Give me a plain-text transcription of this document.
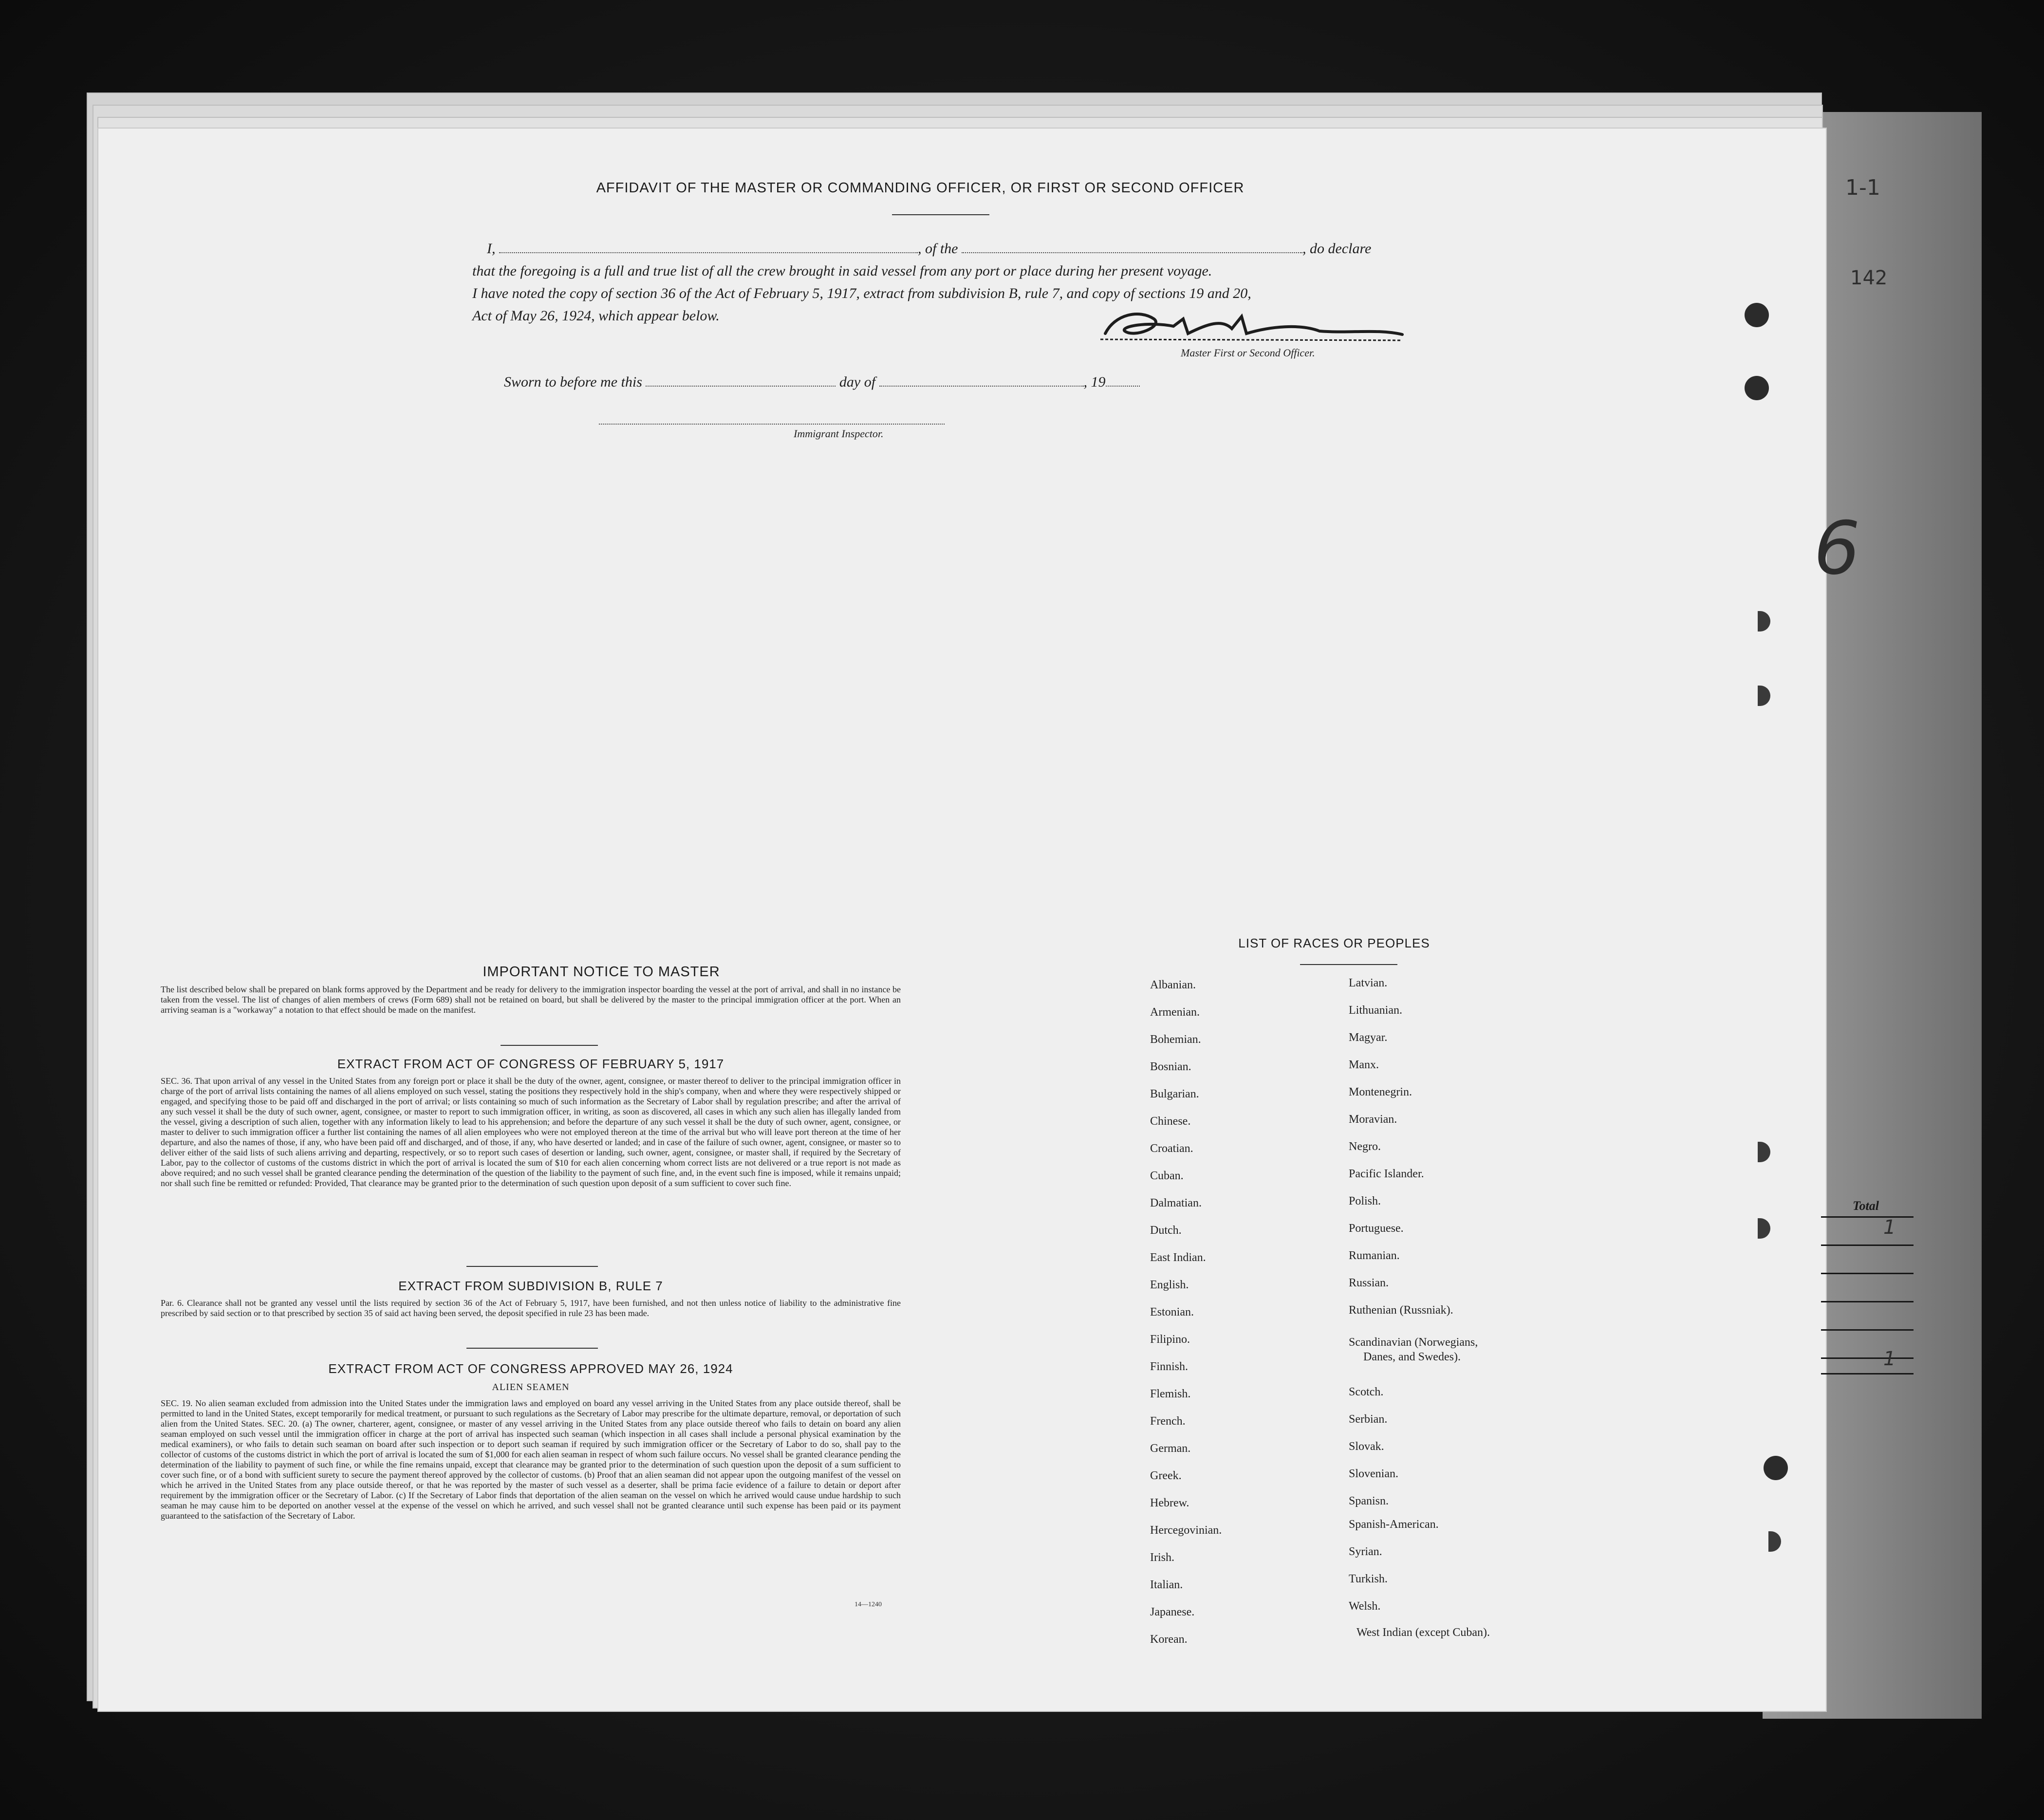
1-1
142
6
AFFIDAVIT OF THE MASTER OR COMMANDING OFFICER, OR FIRST OR SECOND OFFICER
I,	, of the	, do declare
that the foregoing is a full and true list of all the crew brought in said vessel from any port or place during her present voyage.
I have noted the copy of section 36 of the Act of February 5, 1917, extract from subdivision B, rule 7, and copy of sections 19 and 20,
Act of May 26, 1924, which appear below.
Master First or Second Officer.
Sworn to before me this	day of	, 19
Immigrant Inspector.
IMPORTANT NOTICE TO MASTER
The list described below shall be prepared on blank forms approved by the Department and be ready for delivery to the immigration inspector boarding the vessel at the port of arrival, and shall in no instance be taken from the vessel. The list of changes of alien members of crews (Form 689) shall not be retained on board, but shall be delivered by the master to the principal immigration officer at the port. When an arriving seaman is a "workaway" a notation to that effect should be made on the manifest.
EXTRACT FROM ACT OF CONGRESS OF FEBRUARY 5, 1917
SEC. 36. That upon arrival of any vessel in the United States from any foreign port or place it shall be the duty of the owner, agent, consignee, or master thereof to deliver to the principal immigration officer in charge of the port of arrival lists containing the names of all aliens employed on such vessel, stating the positions they respectively hold in the ship's company, when and where they were respectively shipped or engaged, and specifying those to be paid off and discharged in the port of arrival; or lists containing so much of such information as the Secretary of Labor shall by regulation prescribe; and after the arrival of any such vessel it shall be the duty of such owner, agent, consignee, or master to report to such immigration officer, in writing, as soon as discovered, all cases in which any such alien has illegally landed from the vessel, giving a description of such alien, together with any information likely to lead to his apprehension; and before the departure of any such vessel it shall be the duty of such owner, agent, consignee, or master to deliver to such immigration officer a further list containing the names of all alien employees who were not employed thereon at the time of the arrival but who will leave port thereon at the time of her departure, and also the names of those, if any, who have been paid off and discharged, and of those, if any, who have deserted or landed; and in case of the failure of such owner, agent, consignee, or master so to deliver either of the said lists of such aliens arriving and departing, respectively, or so to report such cases of desertion or landing, such owner, agent, consignee, or master shall, if required by the Secretary of Labor, pay to the collector of customs of the customs district in which the port of arrival is located the sum of $10 for each alien concerning whom correct lists are not delivered or a true report is not made as above required; and no such vessel shall be granted clearance pending the determination of the question of the liability to the payment of such fine, and, in the event such fine is imposed, while it remains unpaid; nor shall such fine be remitted or refunded: Provided, That clearance may be granted prior to the determination of such question upon deposit of a sum sufficient to cover such fine.
EXTRACT FROM SUBDIVISION B, RULE 7
Par. 6. Clearance shall not be granted any vessel until the lists required by section 36 of the Act of February 5, 1917, have been furnished, and not then unless notice of liability to the administrative fine prescribed by said section or to that prescribed by section 35 of said act having been served, the deposit specified in rule 23 has been made.
EXTRACT FROM ACT OF CONGRESS APPROVED MAY 26, 1924
ALIEN SEAMEN
SEC. 19. No alien seaman excluded from admission into the United States under the immigration laws and employed on board any vessel arriving in the United States from any place outside thereof, shall be permitted to land in the United States, except temporarily for medical treatment, or pursuant to such regulations as the Secretary of Labor may prescribe for the ultimate departure, removal, or deportation of such alien from the United States. SEC. 20. (a) The owner, charterer, agent, consignee, or master of any vessel arriving in the United States from any place outside thereof who fails to detain on board any alien seaman employed on such vessel until the immigration officer in charge at the port of arrival has inspected such seaman (which inspection in all cases shall include a personal physical examination by the medical examiners), or who fails to detain such seaman on board after such inspection or to deport such seaman if required by such immigration officer or the Secretary of Labor to do so, shall pay to the collector of customs of the customs district in which the port of arrival is located the sum of $1,000 for each alien seaman in respect of whom such failure occurs. No vessel shall be granted clearance pending the determination of the liability to payment of such fine, or while the fine remains unpaid, except that clearance may be granted prior to the determination of such question upon the deposit of a sum sufficient to cover such fine, or of a bond with sufficient surety to secure the payment thereof approved by the collector of customs. (b) Proof that an alien seaman did not appear upon the outgoing manifest of the vessel on which he arrived in the United States from any place outside thereof, or that he was reported by the master of such vessel as a deserter, shall be prima facie evidence of a failure to detain or deport after requirement by the immigration officer or the Secretary of Labor. (c) If the Secretary of Labor finds that deportation of the alien seaman on the vessel on which he arrived would cause undue hardship to such seaman he may cause him to be deported on another vessel at the expense of the vessel on which he arrived, and such vessel shall not be granted clearance until such expense has been paid or its payment guaranteed to the satisfaction of the Secretary of Labor.
14—1240
LIST OF RACES OR PEOPLES
Albanian.
Armenian.
Bohemian.
Bosnian.
Bulgarian.
Chinese.
Croatian.
Cuban.
Dalmatian.
Dutch.
East Indian.
English.
Estonian.
Filipino.
Finnish.
Flemish.
French.
German.
Greek.
Hebrew.
Hercegovinian.
Irish.
Italian.
Japanese.
Korean.
Latvian.
Lithuanian.
Magyar.
Manx.
Montenegrin.
Moravian.
Negro.
Pacific Islander.
Polish.
Portuguese.
Rumanian.
Russian.
Ruthenian (Russniak).
Scandinavian (Norwegians,
Danes, and Swedes).
Scotch.
Serbian.
Slovak.
Slovenian.
Spanisn.
Spanish-American.
Syrian.
Turkish.
Welsh.
West Indian (except Cuban).
Total
1
1
